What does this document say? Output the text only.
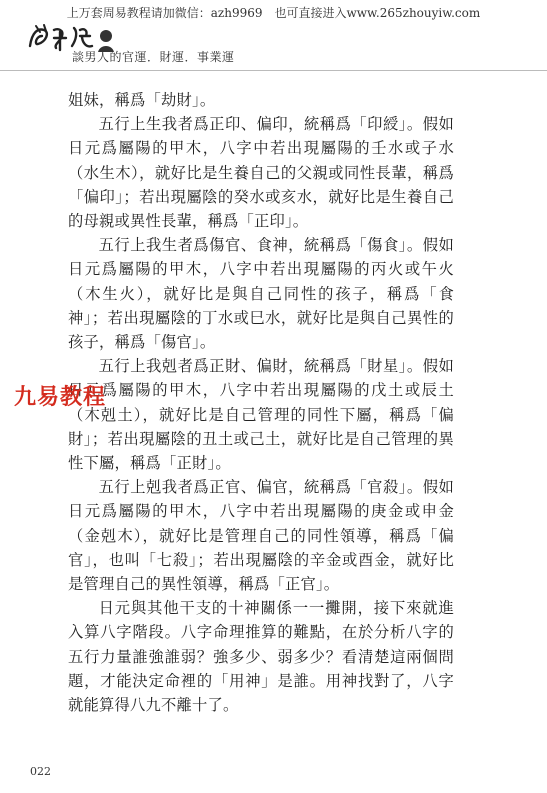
上万套周易教程请加微信：azh9969　也可直接进入www.265zhouyiw.com
談男人的官運．財運．事業運

姐妹，稱爲「劫財」。

五行上生我者爲正印、偏印，統稱爲「印綬」。假如日元爲屬陽的甲木，八字中若出現屬陽的壬水或子水（水生木），就好比是生養自己的父親或同性長輩，稱爲「偏印」；若出現屬陰的癸水或亥水，就好比是生養自己的母親或異性長輩，稱爲「正印」。

五行上我生者爲傷官、食神，統稱爲「傷食」。假如日元爲屬陽的甲木，八字中若出現屬陽的丙火或午火（木生火），就好比是與自己同性的孩子，稱爲「食神」；若出現屬陰的丁水或巳水，就好比是與自己異性的孩子，稱爲「傷官」。

五行上我剋者爲正財、偏財，統稱爲「財星」。假如日元爲屬陽的甲木，八字中若出現屬陽的戊土或辰土（木剋土），就好比是自己管理的同性下屬，稱爲「偏財」；若出現屬陰的丑土或己土，就好比是自己管理的異性下屬，稱爲「正財」。

五行上剋我者爲正官、偏官，統稱爲「官殺」。假如日元爲屬陽的甲木，八字中若出現屬陽的庚金或申金（金剋木），就好比是管理自己的同性領導，稱爲「偏官」，也叫「七殺」；若出現屬陰的辛金或酉金，就好比是管理自己的異性領導，稱爲「正官」。

日元與其他干支的十神關係一一攤開，接下來就進入算八字階段。八字命理推算的難點，在於分析八字的五行力量誰強誰弱？強多少、弱多少？看清楚這兩個問題，才能決定命裡的「用神」是誰。用神找對了，八字就能算得八九不離十了。

九易教程
022
